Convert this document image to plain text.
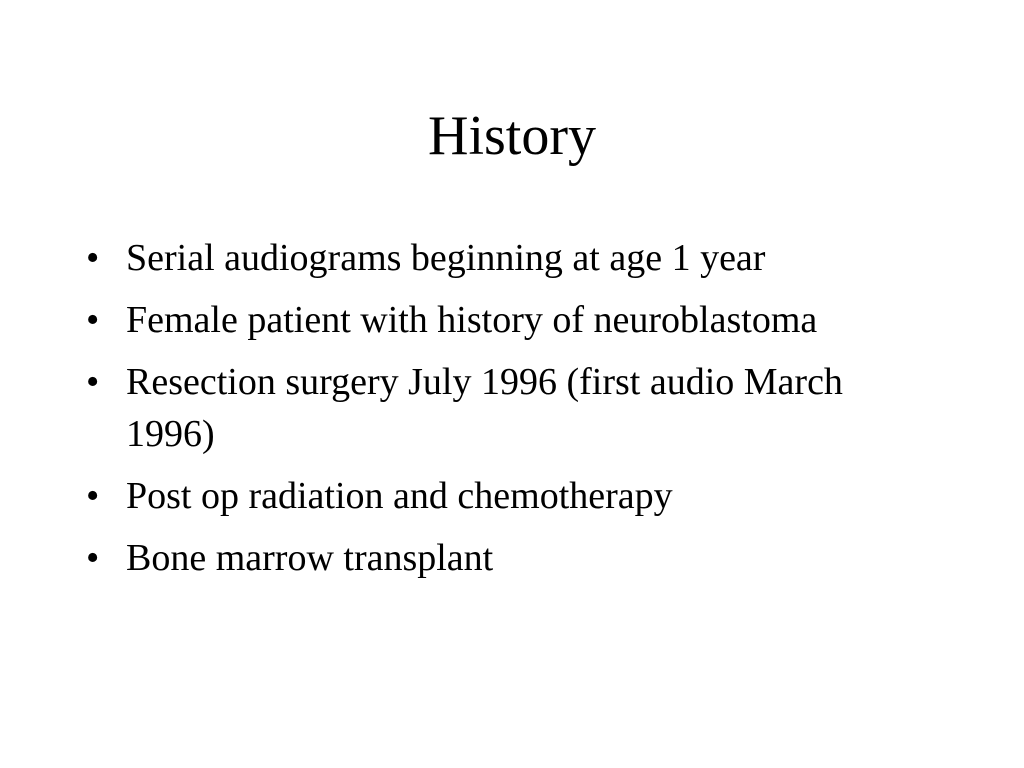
History
• Serial audiograms beginning at age 1 year
• Female patient with history of neuroblastoma
• Resection surgery July 1996 (first audio March 1996)
• Post op radiation and chemotherapy
• Bone marrow transplant
